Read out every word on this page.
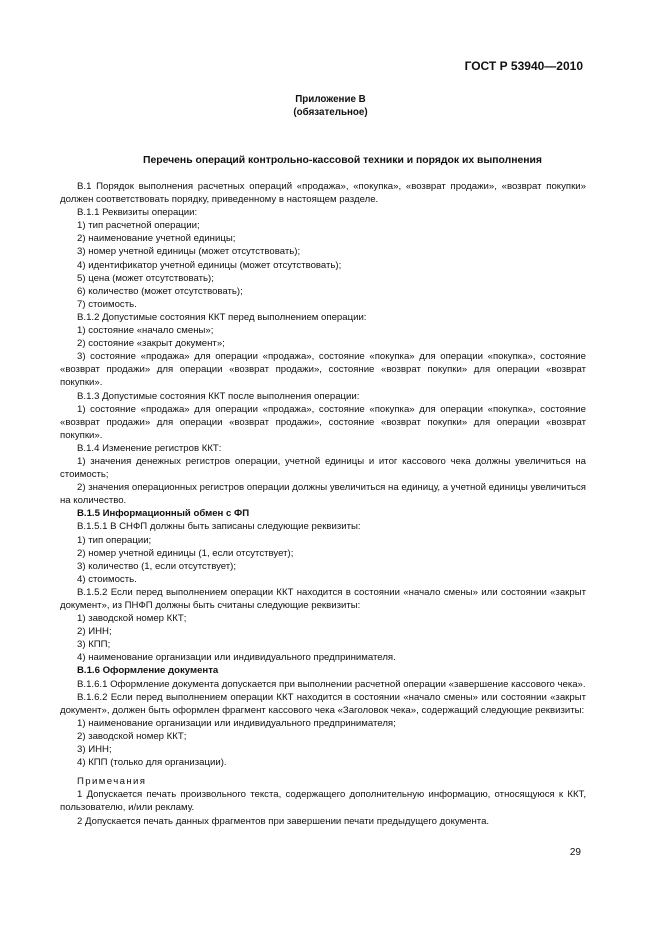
ГОСТ Р 53940—2010
Приложение В
(обязательное)
Перечень операций контрольно-кассовой техники и порядок их выполнения

В.1 Порядок выполнения расчетных операций «продажа», «покупка», «возврат продажи», «возврат покупки» должен соответствовать порядку, приведенному в настоящем разделе.

В.1.1 Реквизиты операции:

1) тип расчетной операции;

2) наименование учетной единицы;

3) номер учетной единицы (может отсутствовать);

4) идентификатор учетной единицы (может отсутствовать);

5) цена (может отсутствовать);

6) количество (может отсутствовать);

7) стоимость.

В.1.2 Допустимые состояния ККТ перед выполнением операции:

1) состояние «начало смены»;

2) состояние «закрыт документ»;

3) состояние «продажа» для операции «продажа», состояние «покупка» для операции «покупка», состояние «возврат продажи» для операции «возврат продажи», состояние «возврат покупки» для операции «возврат покупки».

В.1.3 Допустимые состояния ККТ после выполнения операции:

1) состояние «продажа» для операции «продажа», состояние «покупка» для операции «покупка», состояние «возврат продажи» для операции «возврат продажи», состояние «возврат покупки» для операции «возврат покупки».

В.1.4 Изменение регистров ККТ:

1) значения денежных регистров операции, учетной единицы и итог кассового чека должны увеличиться на стоимость;

2) значения операционных регистров операции должны увеличиться на единицу, а учетной единицы увеличиться на количество.

В.1.5 Информационный обмен с ФП

В.1.5.1 В СНФП должны быть записаны следующие реквизиты:

1) тип операции;

2) номер учетной единицы (1, если отсутствует);

3) количество (1, если отсутствует);

4) стоимость.

В.1.5.2 Если перед выполнением операции ККТ находится в состоянии «начало смены» или состоянии «закрыт документ», из ПНФП должны быть считаны следующие реквизиты:

1) заводской номер ККТ;

2) ИНН;

3) КПП;

4) наименование организации или индивидуального предпринимателя.

В.1.6 Оформление документа

В.1.6.1 Оформление документа допускается при выполнении расчетной операции «завершение кассового чека».

В.1.6.2 Если перед выполнением операции ККТ находится в состоянии «начало смены» или состоянии «закрыт документ», должен быть оформлен фрагмент кассового чека «Заголовок чека», содержащий следующие реквизиты:

1) наименование организации или индивидуального предпринимателя;

2) заводской номер ККТ;

3) ИНН;

4) КПП (только для организации).

Примечания

1 Допускается печать произвольного текста, содержащего дополнительную информацию, относящуюся к ККТ, пользователю, и/или рекламу.

2 Допускается печать данных фрагментов при завершении печати предыдущего документа.

29
